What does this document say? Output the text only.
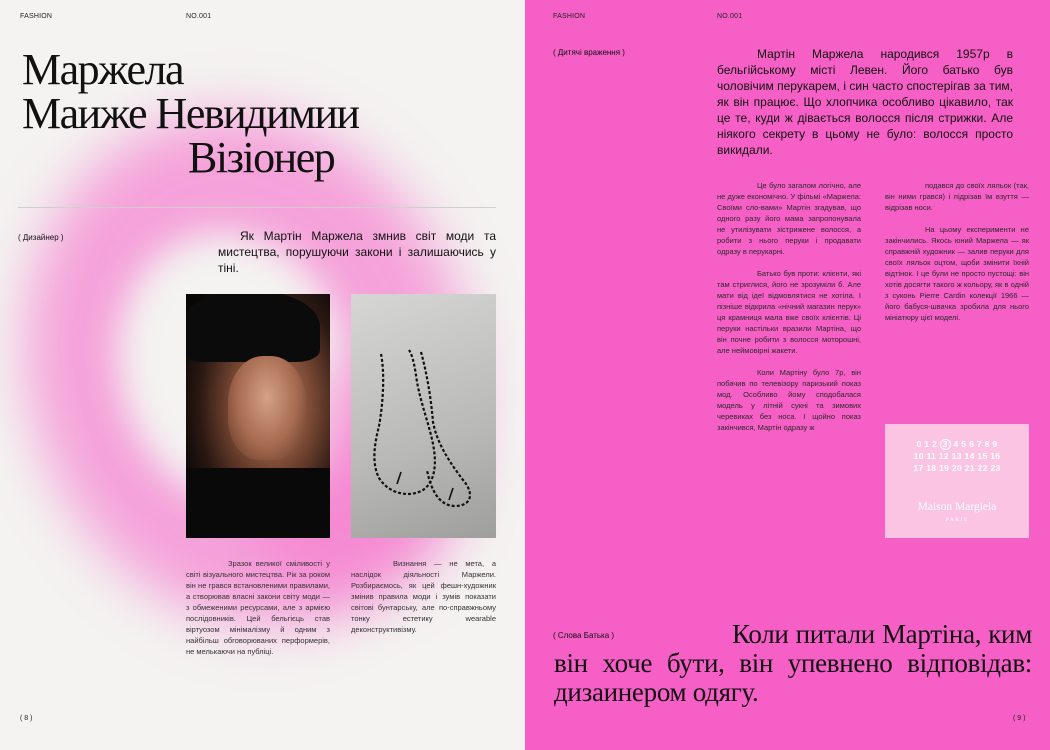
FASHION	NO.001
Маржела
Маиже Невидимии

Візіонер
( Дизайнер )	Як Мартін Маржела змнив світ моди та мистецтва, порушуючи закони і залишаючись у тіні.

Зразок великої сміливості у світі візуального мистецтва. Рік за роком він не грався встановленими правилами, а створював власні закони світу моди — з обмеженими ресурсами, але з армією послідовників. Цей бельгієць став віртуозом мінімалізму й одним з найбільш обговорюваних перформерів, не мелькаючи на публіці.

Визнання — не мета, а наслідок діяльності Маржели. Розбираємось, як цей фешн-художник змінив правила моди і зумів показати світові бунтарську, але по-справжньому тонку естетику wearable деконструктивізму.

( 8 )
FASHION	NO.001
( Дитячі враження )	Мартін Маржела народився 1957р в бельгійському місті Левен. Його батько був чоловічим перукарем, і син часто спостерігав за тим, як він працює. Що хлопчика особливо цікавило, так це те, куди ж дівається волосся після стрижки. Але ніякого секрету в цьому не було: волосся просто викидали.

Це було загалом логічно, але не дуже економічно. У фільмі «Маржела: Своїми сло-вами» Мартін згадував, що одного разу його мама запропонувала не утилізувати зістрижене волосся, а робити з нього перуки і продавати одразу в перукарні.

Батько був проти: клієнти, які там стриглися, його не зрозуміли б. Але мати від ідеї відмовлятися не хотіла. І пізніше відкрила «нічний магазин перук» ця крамниця мала вже своїх клієнтів. Ці перуки настільки вразили Мартіна, що він почне робити з волосся моторошні, але неймовірні жакети.

Коли Мартіну було 7р, він побачив по телевізору паризький показ мод. Особливо йому сподобалася модель у літній сукні та зимових черевиках без носа. І щойно показ закінчився, Мартін одразу ж

подався до своїх ляльок (так, він ними грався) і підрізав їм взуття — відрізав носи.

На цьому експерименти не закінчились. Якось юний Маржела — як справжній художник — залив перуки для своїх ляльок оцтом, щоби змінити їхній відтінок. І це були не просто пустощі: він хотів досягти такого ж кольору, як в одній з суконь Pierre Cardin колекції 1966 — його бабуся-швачка зробила для нього мініатюру цієї моделі.

0 1 2 3 4 5 6 7 8 9
10 11 12 13 14 15 16
17 18 19 20 21 22 23
Maison Margiela
PARIS
( Слова Батька )	Коли питали Мартіна, ким він хоче бути, він упевнено відповідав: дизаинером одягу.

( 9 )
